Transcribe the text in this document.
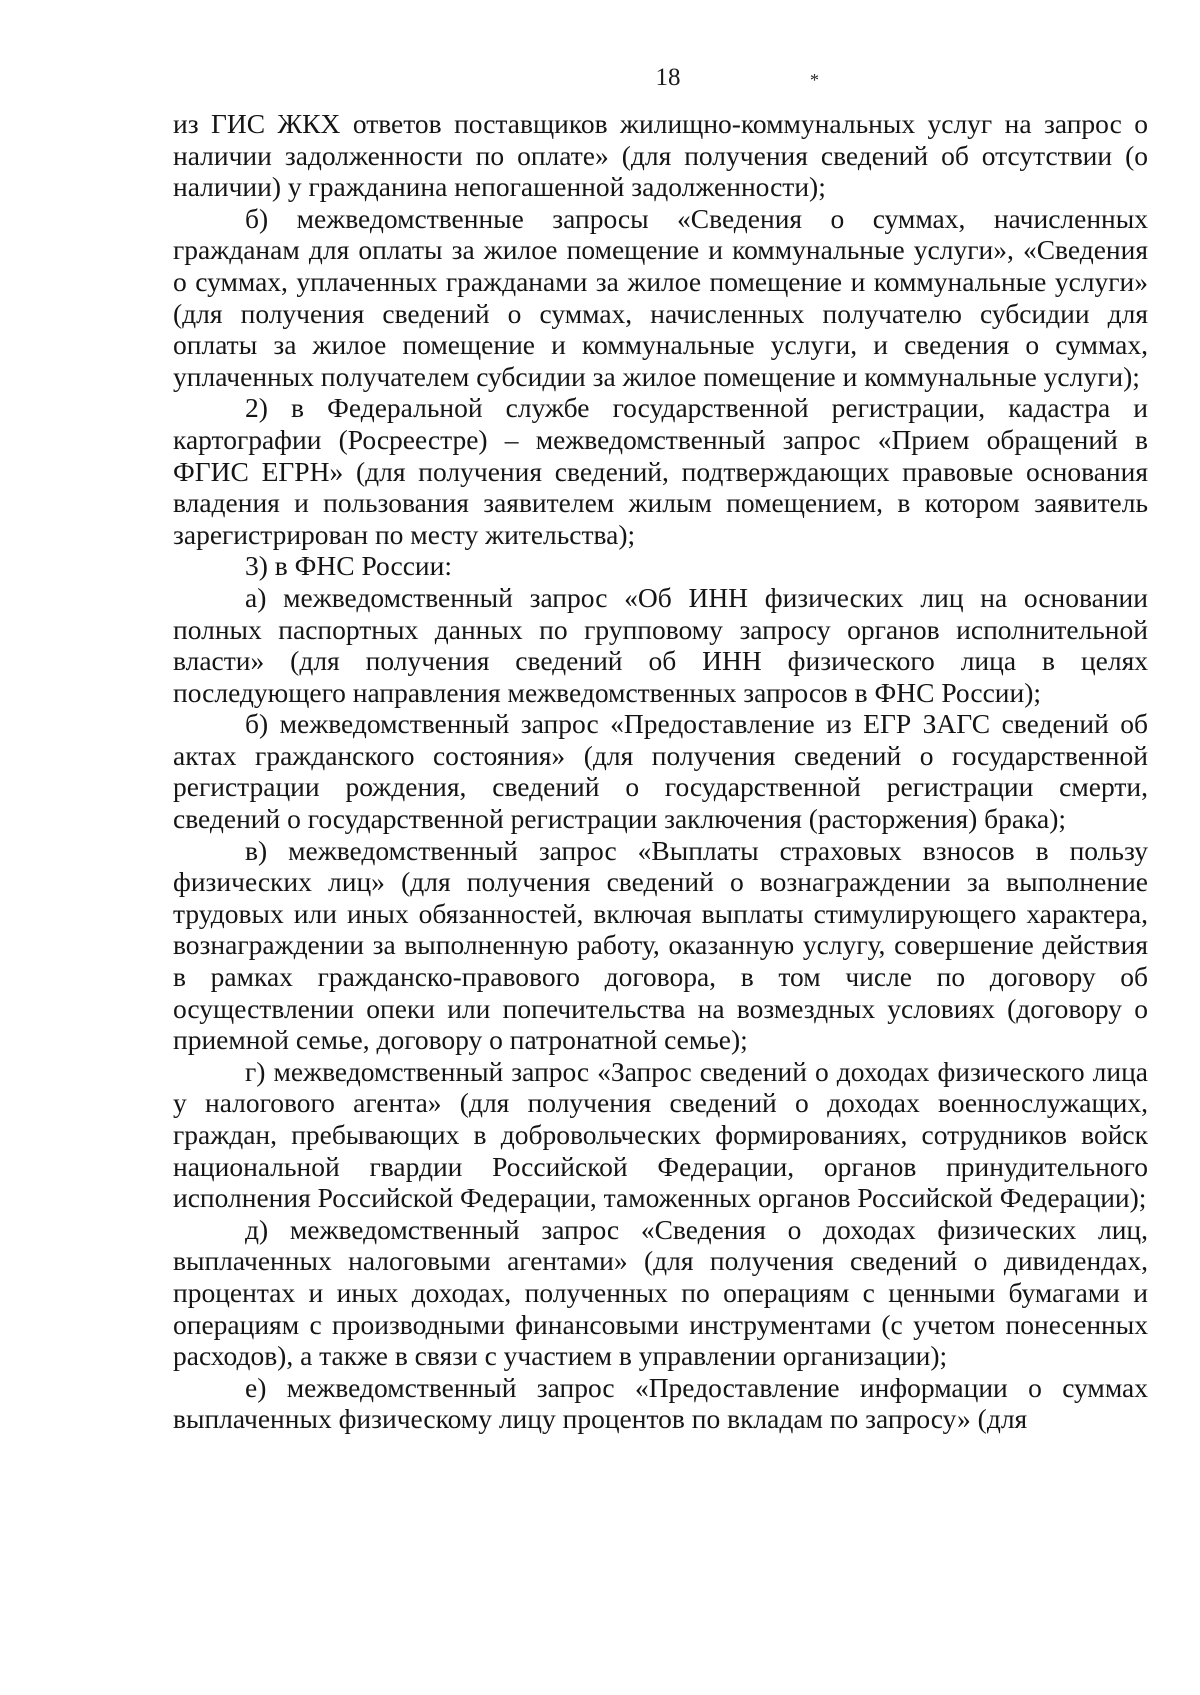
18	*

из ГИС ЖКХ ответов поставщиков жилищно-коммунальных услуг на запрос о наличии задолженности по оплате» (для получения сведений об отсутствии (о наличии) у гражданина непогашенной задолженности);

б) межведомственные запросы «Сведения о суммах, начисленных гражданам для оплаты за жилое помещение и коммунальные услуги», «Сведения о суммах, уплаченных гражданами за жилое помещение и коммунальные услуги» (для получения сведений о суммах, начисленных получателю субсидии для оплаты за жилое помещение и коммунальные услуги, и сведения о суммах, уплаченных получателем субсидии за жилое помещение и коммунальные услуги);

2) в Федеральной службе государственной регистрации, кадастра и картографии (Росреестре) – межведомственный запрос «Прием обращений в ФГИС ЕГРН» (для получения сведений, подтверждающих правовые основания владения и пользования заявителем жилым помещением, в котором заявитель зарегистрирован по месту жительства);

3) в ФНС России:

а) межведомственный запрос «Об ИНН физических лиц на основании полных паспортных данных по групповому запросу органов исполнительной власти» (для получения сведений об ИНН физического лица в целях последующего направления межведомственных запросов в ФНС России);

б) межведомственный запрос «Предоставление из ЕГР ЗАГС сведений об актах гражданского состояния» (для получения сведений о государственной регистрации рождения, сведений о государственной регистрации смерти, сведений о государственной регистрации заключения (расторжения) брака);

в) межведомственный запрос «Выплаты страховых взносов в пользу физических лиц» (для получения сведений о вознаграждении за выполнение трудовых или иных обязанностей, включая выплаты стимулирующего характера, вознаграждении за выполненную работу, оказанную услугу, совершение действия в рамках гражданско-правового договора, в том числе по договору об осуществлении опеки или попечительства на возмездных условиях (договору о приемной семье, договору о патронатной семье);

г) межведомственный запрос «Запрос сведений о доходах физического лица у налогового агента» (для получения сведений о доходах военнослужащих, граждан, пребывающих в добровольческих формированиях, сотрудников войск национальной гвардии Российской Федерации, органов принудительного исполнения Российской Федерации, таможенных органов Российской Федерации);

д) межведомственный запрос «Сведения о доходах физических лиц, выплаченных налоговыми агентами» (для получения сведений о дивидендах, процентах и иных доходах, полученных по операциям с ценными бумагами и операциям с производными финансовыми инструментами (с учетом понесенных расходов), а также в связи с участием в управлении организации);

е) межведомственный запрос «Предоставление информации о суммах выплаченных физическому лицу процентов по вкладам по запросу» (для
